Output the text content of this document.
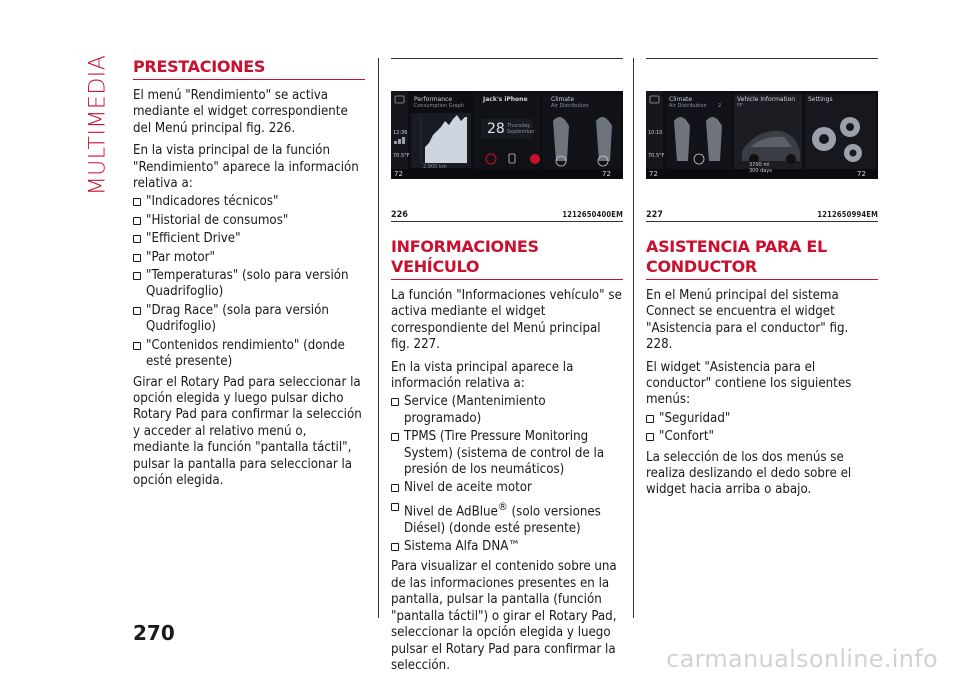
MULTIMEDIA PRESTACIONES

El menú "Rendimiento" se activa mediante el widget correspondiente del Menú principal fig. 226.

En la vista principal de la función "Rendimiento" aparece la información relativa a:

"Indicadores técnicos"
"Historial de consumos"
"Efficient Drive"
"Par motor"
"Temperaturas" (solo para versión Quadrifoglio)
"Drag Race" (sola para versión Qudrifoglio)
"Contenidos rendimiento" (donde esté presente)

Girar el Rotary Pad para seleccionar la opción elegida y luego pulsar dicho Rotary Pad para confirmar la selección y acceder al relativo menú o, mediante la función "pantalla táctil", pulsar la pantalla para seleccionar la opción elegida.

Performance
Consumption Graph
2.900 km
Jack's iPhone
28 Thursday
September
Climate
Air Distribution
12:36
70.5°F
72	72
226	1212650400EM
INFORMACIONES VEHÍCULO

La función "Informaciones vehículo" se activa mediante el widget correspondiente del Menú principal fig. 227.

En la vista principal aparece la información relativa a:

Service (Mantenimiento programado)
TPMS (Tire Pressure Monitoring System) (sistema de control de la presión de los neumáticos)
Nivel de aceite motor
Nivel de AdBlue® (solo versiones Diésel) (donde esté presente)
Sistema Alfa DNA™

Para visualizar el contenido sobre una de las informaciones presentes en la pantalla, pulsar la pantalla (función "pantalla táctil") o girar el Rotary Pad, seleccionar la opción elegida y luego pulsar el Rotary Pad para confirmar la selección.

Climate
Air Distribution 2
Vehicle Information
FF
3700 mi
300 days
Settings
10:10
70.5°F
72	72
227	1212650994EM
ASISTENCIA PARA EL CONDUCTOR

En el Menú principal del sistema Connect se encuentra el widget "Asistencia para el conductor" fig. 228.

El widget "Asistencia para el conductor" contiene los siguientes menús:

"Seguridad"
"Confort"

La selección de los dos menús se realiza deslizando el dedo sobre el widget hacia arriba o abajo.

270
carmanualsonline.info
